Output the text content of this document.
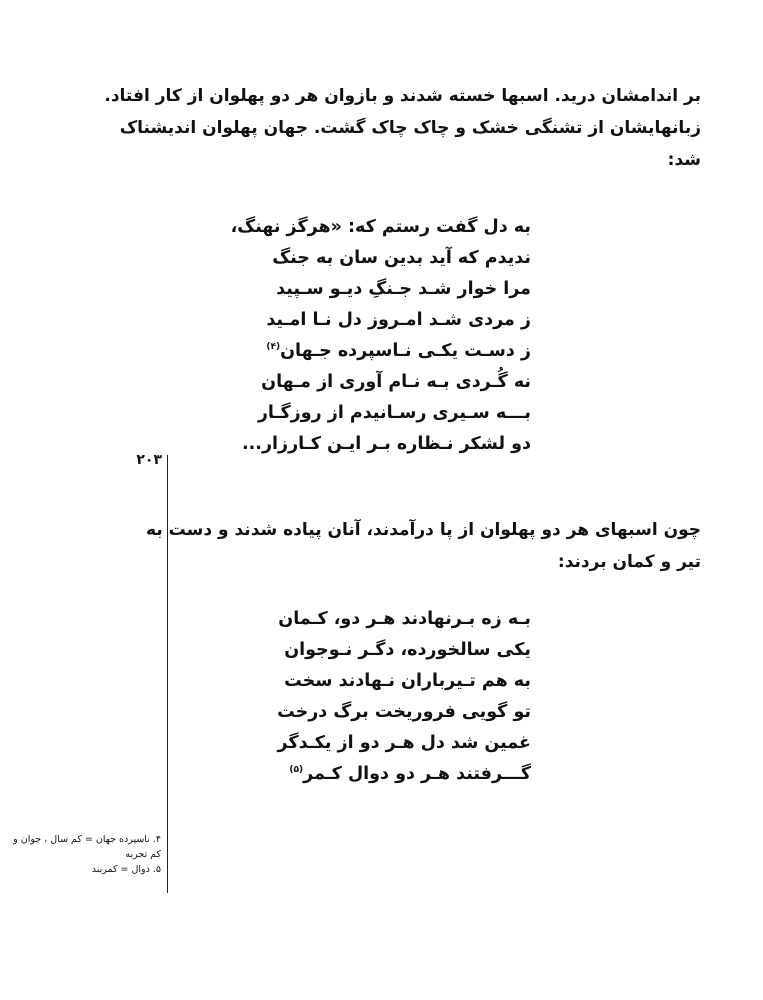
۲۰۳
بر اندامشان درید. اسبها خسته شدند و بازوان هر دو پهلوان از کار افتاد.
زبانهایشان از تشنگی خشک و چاک چاک گشت. جهان پهلوان اندیشناک
شد:
به دل گفت رستم که: «هرگز نهنگ،
ندیدم که آید بدین سان به جنگ
مرا خوار شـد جـنگِ دیـو سـپید
ز مردی شـد امـروز دل نـا امـید
ز دسـت یکـی نـاسپرده جـهان$^{(۴)}$
نه گُـردی بـه نـام آوری از مـهان
بـــه سـیری رسـانیدم از روزگـار
دو لشکر نـظاره بـر ایـن کـارزار...
چون اسبهای هر دو پهلوان از پا درآمدند، آنان پیاده شدند و دست به
تیر و کمان بردند:
بـه زه بـرنهادند هـر دو، کـمان
یکی سالخورده، دگـر نـوجوان
به هم تـیرباران نـهادند سخت
تو گویی فروریخت برگ درخت
غمین شد دل هـر دو از یکـدگر
گـــرفتند هـر دو دوال کـمر$^{(۵)}$
۴. ناسپرده جهان = کم سال ، جوان و
کم تجربه
۵. دوال = کمربند
